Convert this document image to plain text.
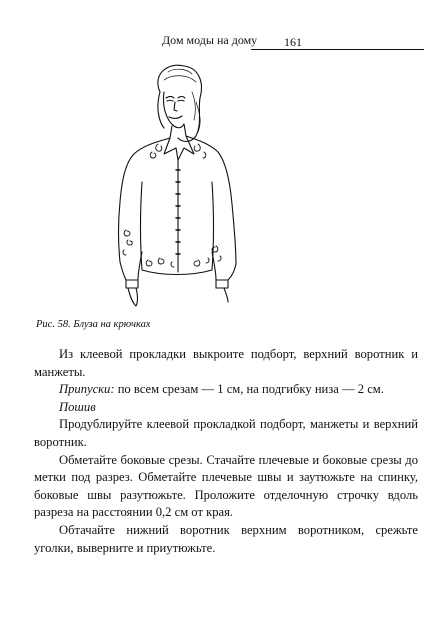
Дом моды на дому 161
Рис. 58. Блуза на крючках

Из клеевой прокладки выкроите подборт, верхний воротник и манжеты.

Припуски: по всем срезам — 1 см, на подгибку низа — 2 см.

Пошив

Продублируйте клеевой прокладкой подборт, манжеты и верхний воротник.

Обметайте боковые срезы. Стачайте плечевые и боковые срезы до метки под разрез. Обметайте плечевые швы и заутюжьте на спинку, боковые швы разутюжьте. Проложите отделочную строчку вдоль разреза на расстоянии 0,2 см от края.

Обтачайте нижний воротник верхним воротником, срежьте уголки, выверните и приутюжьте.
